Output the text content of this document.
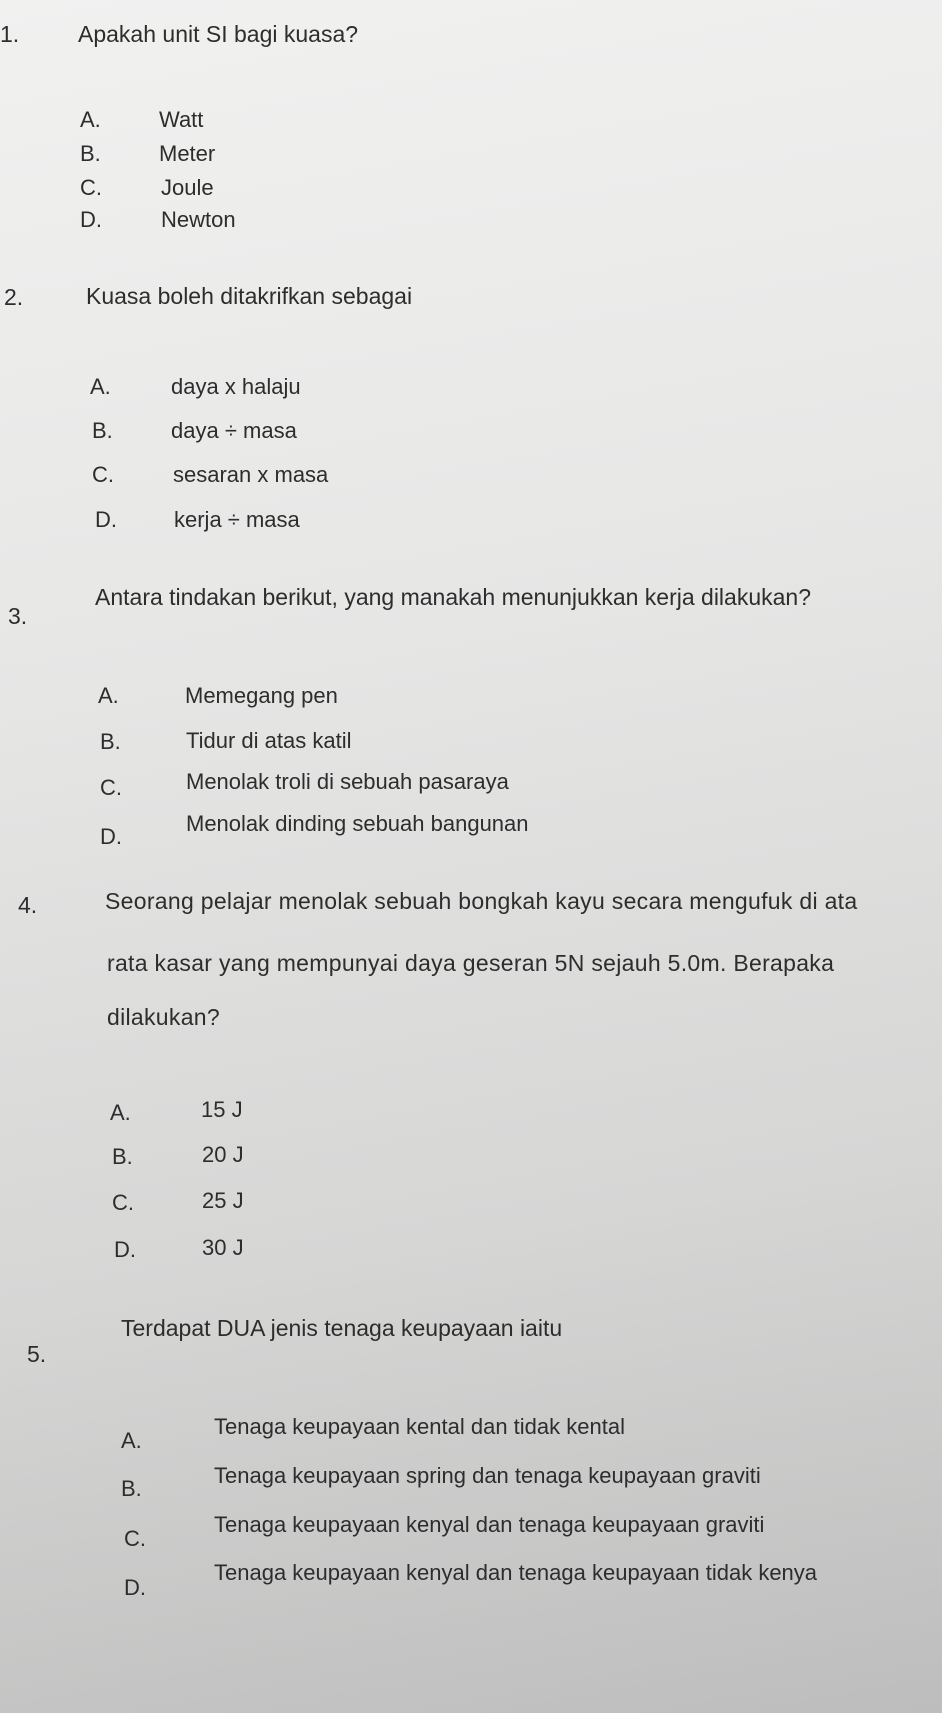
1.	Apakah unit SI bagi kuasa?
A.	Watt
B.	Meter
C.	Joule
D.	Newton
2.	Kuasa boleh ditakrifkan sebagai
A.	daya x halaju
B.	daya ÷ masa
C.	sesaran x masa
D.	kerja ÷ masa
3.
Antara tindakan berikut, yang manakah menunjukkan kerja dilakukan?
A.	Memegang pen
B.	Tidur di atas katil
C.	Menolak troli di sebuah pasaraya
D.
Menolak dinding sebuah bangunan
4.	Seorang pelajar menolak sebuah bongkah kayu secara mengufuk di ata
rata kasar yang mempunyai daya geseran 5N sejauh 5.0m. Berapaka
dilakukan?
A.	15 J
B.	20 J
C.	25 J
D.	30 J
5.
Terdapat DUA jenis tenaga keupayaan iaitu
A.
Tenaga keupayaan kental dan tidak kental
B.
Tenaga keupayaan spring dan tenaga keupayaan graviti
C.
Tenaga keupayaan kenyal dan tenaga keupayaan graviti
D.
Tenaga keupayaan kenyal dan tenaga keupayaan tidak kenya
